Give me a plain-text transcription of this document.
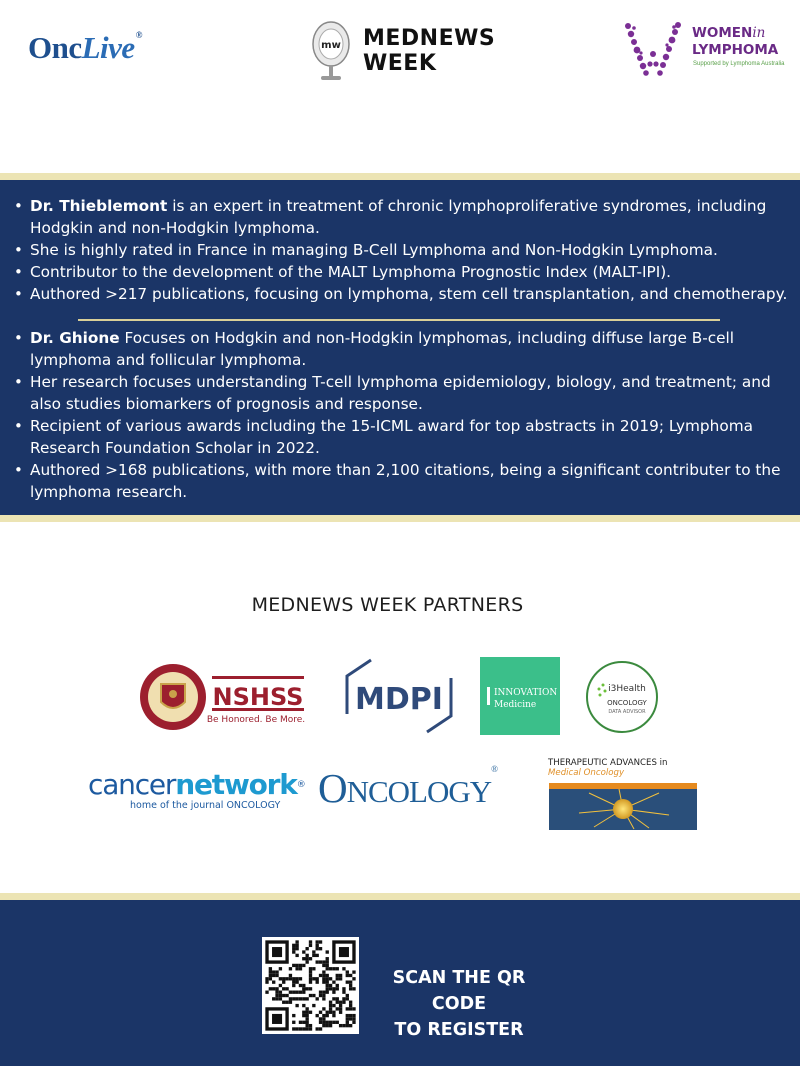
OncLive®
mw MEDNEWS
WEEK
WOMENin
LYMPHOMA
Supported by Lymphoma Australia
• Dr. Thieblemont is an expert in treatment of chronic lymphoproliferative syndromes, including Hodgkin and non-Hodgkin lymphoma.
• She is highly rated in France in managing B-Cell Lymphoma and Non-Hodgkin Lymphoma.
• Contributor to the development of the MALT Lymphoma Prognostic Index (MALT-IPI).
• Authored >217 publications, focusing on lymphoma, stem cell transplantation, and chemotherapy.
• Dr. Ghione Focuses on Hodgkin and non-Hodgkin lymphomas, including diffuse large B-cell lymphoma and follicular lymphoma.
• Her research focuses understanding T-cell lymphoma epidemiology, biology, and treatment; and also studies biomarkers of prognosis and response.
• Recipient of various awards including the 15-ICML award for top abstracts in 2019; Lymphoma Research Foundation Scholar in 2022.
• Authored >168 publications, with more than 2,100 citations, being a significant contributer to the lymphoma research.
MEDNEWS WEEK PARTNERS
NSHSS
Be Honored. Be More.
MDPI	INNOVATION
Medicine
i3Health
ONCOLOGY
DATA ADVISOR
cancernetwork®
home of the journal ONCOLOGY ONCOLOGY®
THERAPEUTIC ADVANCES in
Medical Oncology
SCAN THE QR CODE
TO REGISTER
